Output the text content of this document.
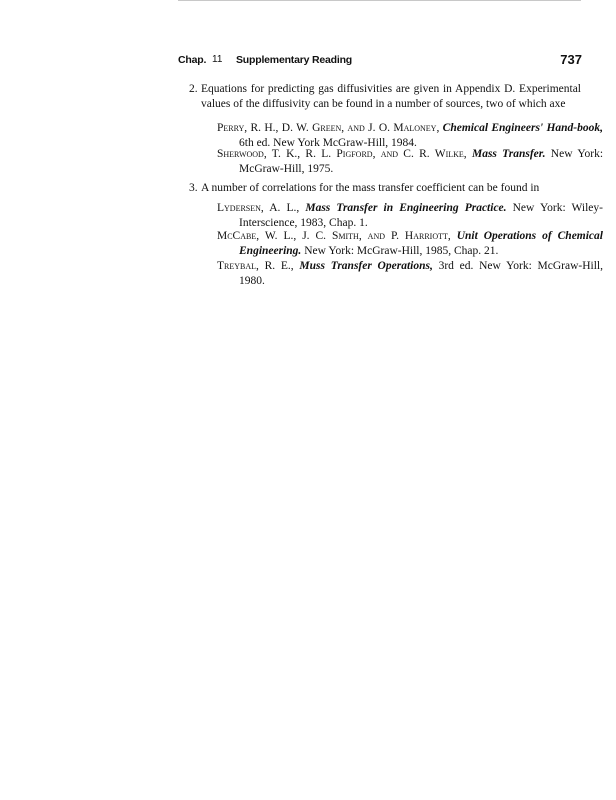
Chap. 11 Supplementary Reading	737
2. Equations for predicting gas diffusivities are given in Appendix D. Experimental values of the diffusivity can be found in a number of sources, two of which axe
Perry, R. H., D. W. Green, and J. O. Maloney, Chemical Engineers' Hand-book, 6th ed. New York McGraw-Hill, 1984.
Sherwood, T. K., R. L. Pigford, and C. R. Wilke, Mass Transfer. New York: McGraw-Hill, 1975.
3. A number of correlations for the mass transfer coefficient can be found in
Lydersen, A. L., Mass Transfer in Engineering Practice. New York: Wiley-Interscience, 1983, Chap. 1.
McCabe, W. L., J. C. Smith, and P. Harriott, Unit Operations of Chemical Engineering. New York: McGraw-Hill, 1985, Chap. 21.
Treybal, R. E., Muss Transfer Operations, 3rd ed. New York: McGraw-Hill, 1980.
